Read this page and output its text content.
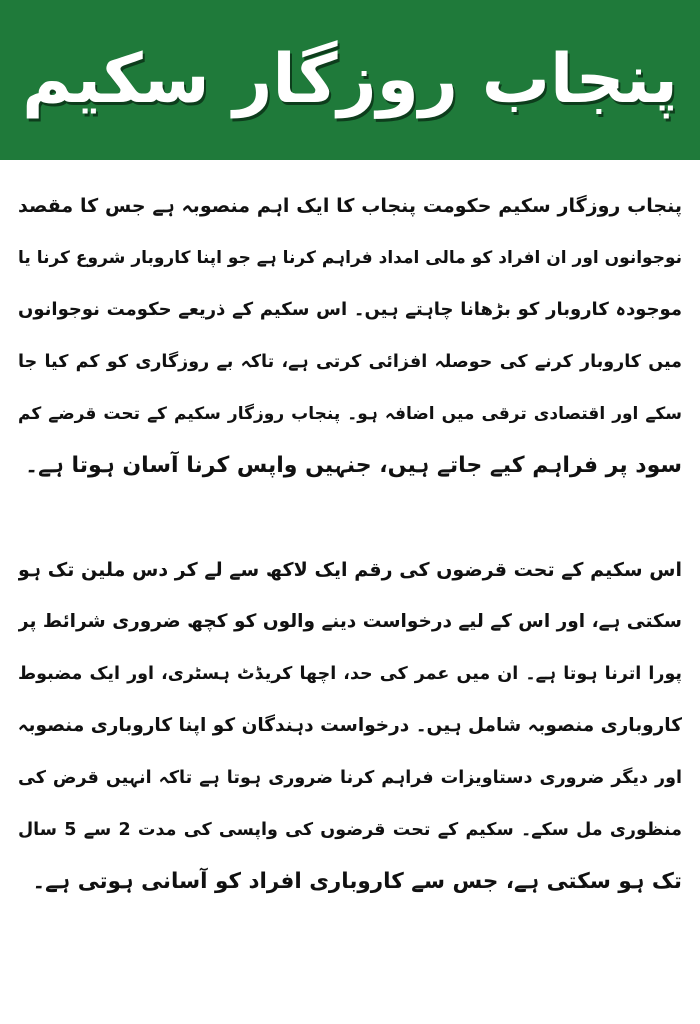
پنجاب روزگار سکیم
پنجاب روزگار سکیم حکومت پنجاب کا ایک اہم منصوبہ ہے جس کا مقصد
نوجوانوں اور ان افراد کو مالی امداد فراہم کرنا ہے جو اپنا کاروبار شروع کرنا یا
موجودہ کاروبار کو بڑھانا چاہتے ہیں۔ اس سکیم کے ذریعے حکومت نوجوانوں
میں کاروبار کرنے کی حوصلہ افزائی کرتی ہے، تاکہ بے روزگاری کو کم کیا جا
سکے اور اقتصادی ترقی میں اضافہ ہو۔ پنجاب روزگار سکیم کے تحت قرضے کم
سود پر فراہم کیے جاتے ہیں، جنہیں واپس کرنا آسان ہوتا ہے۔
اس سکیم کے تحت قرضوں کی رقم ایک لاکھ سے لے کر دس ملین تک ہو
سکتی ہے، اور اس کے لیے درخواست دینے والوں کو کچھ ضروری شرائط پر
پورا اترنا ہوتا ہے۔ ان میں عمر کی حد، اچھا کریڈٹ ہسٹری، اور ایک مضبوط
کاروباری منصوبہ شامل ہیں۔ درخواست دہندگان کو اپنا کاروباری منصوبہ
اور دیگر ضروری دستاویزات فراہم کرنا ضروری ہوتا ہے تاکہ انہیں قرض کی
منظوری مل سکے۔ سکیم کے تحت قرضوں کی واپسی کی مدت 2 سے 5 سال
تک ہو سکتی ہے، جس سے کاروباری افراد کو آسانی ہوتی ہے۔
